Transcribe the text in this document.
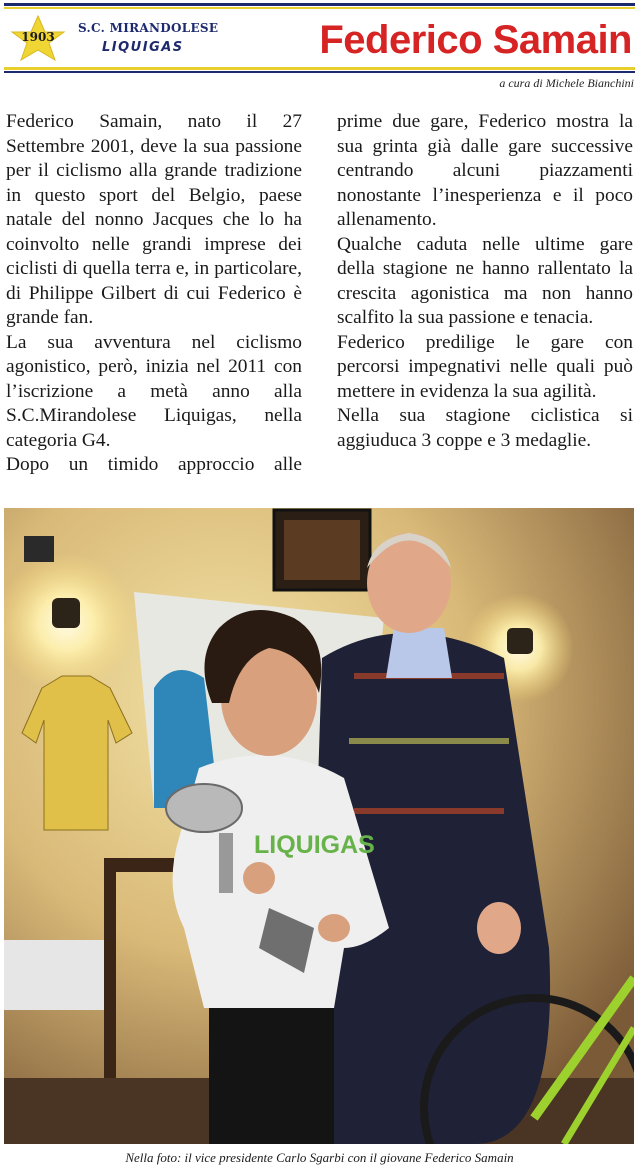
1903
S.C. MIRANDOLESE
LIQUIGAS	Federico Samain
a cura di Michele Bianchini

Federico Samain, nato il 27 Settembre 2001, deve la sua passione per il ciclismo alla grande tradizione in questo sport del Belgio, paese natale del nonno Jacques che lo ha coinvolto nelle grandi imprese dei ciclisti di quella terra e, in particolare, di Philippe Gilbert di cui Federico è grande fan.

La sua avventura nel ciclismo agonistico, però, inizia nel 2011 con l’iscrizione a metà anno alla S.C.Mirandolese Liquigas, nella categoria G4.

Dopo un timido approccio alle

prime due gare, Federico mostra la sua grinta già dalle gare successive centrando alcuni piazzamenti nonostante l’inesperienza e il poco allenamento.

Qualche caduta nelle ultime gare della stagione ne hanno rallentato la crescita agonistica ma non hanno scalfito la sua passione e tenacia.

Federico predilige le gare con percorsi impegnativi nelle quali può mettere in evidenza la sua agilità.

Nella sua stagione ciclistica si aggiuduca 3 coppe e 3 medaglie.

LIQUIGAS
Nella foto: il vice presidente Carlo Sgarbi con il giovane Federico Samain
